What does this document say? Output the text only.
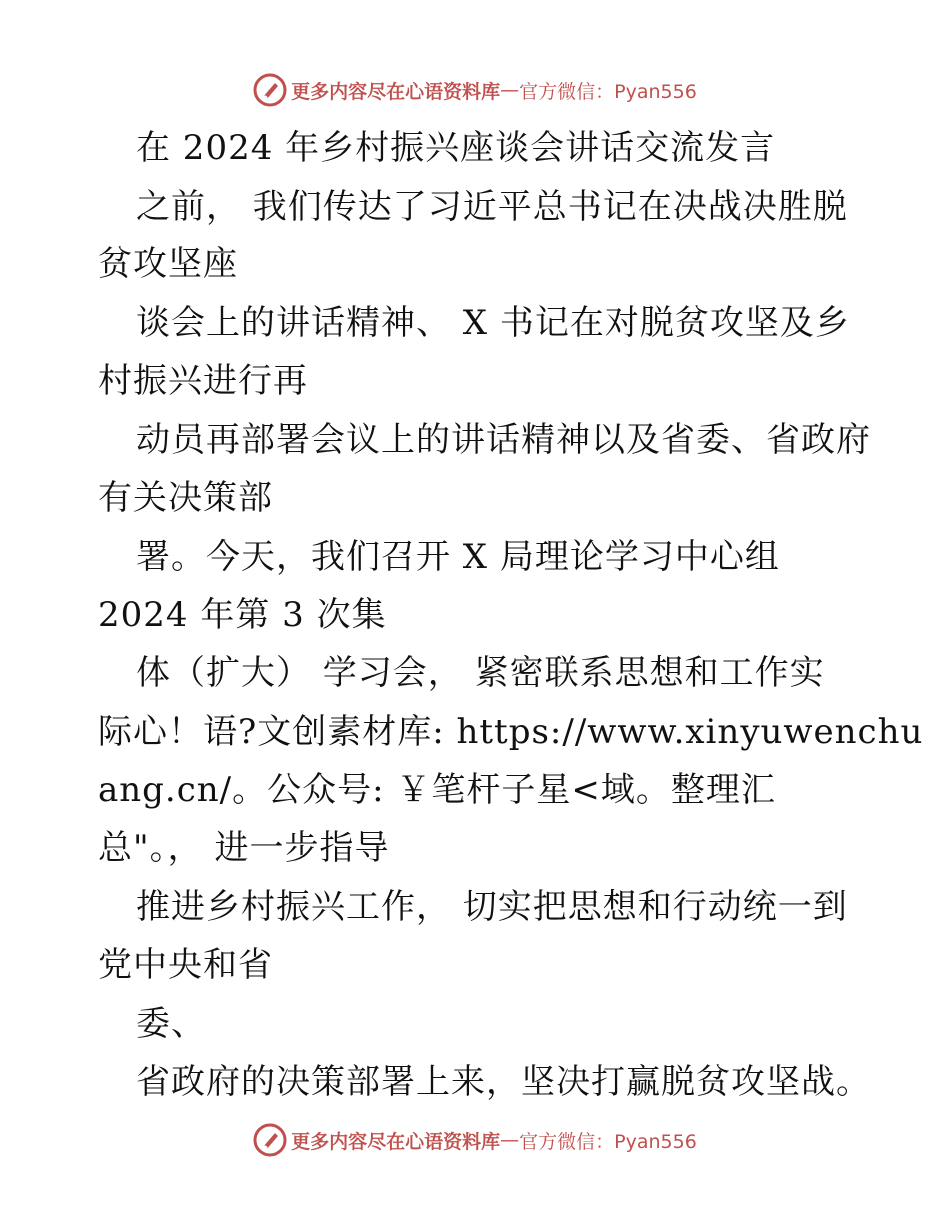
更多内容尽在心语资料库 — 官方微信：Pyan556
在 2024 年乡村振兴座谈会讲话交流发言
之前， 我们传达了习近平总书记在决战决胜脱
贫攻坚座
谈会上的讲话精神、 X 书记在对脱贫攻坚及乡
村振兴进行再
动员再部署会议上的讲话精神以及省委、省政府
有关决策部
署。今天，我们召开 X 局理论学习中心组
2024 年第 3 次集
体（扩大） 学习会， 紧密联系思想和工作实
际心！语?文创素材库: https://www.xinyuwenchu
ang.cn/。公众号: ￥笔杆子星<域。整理汇
总"。， 进一步指导
推进乡村振兴工作， 切实把思想和行动统一到
党中央和省
委、
省政府的决策部署上来，坚决打赢脱贫攻坚战。
更多内容尽在心语资料库 — 官方微信：Pyan556
